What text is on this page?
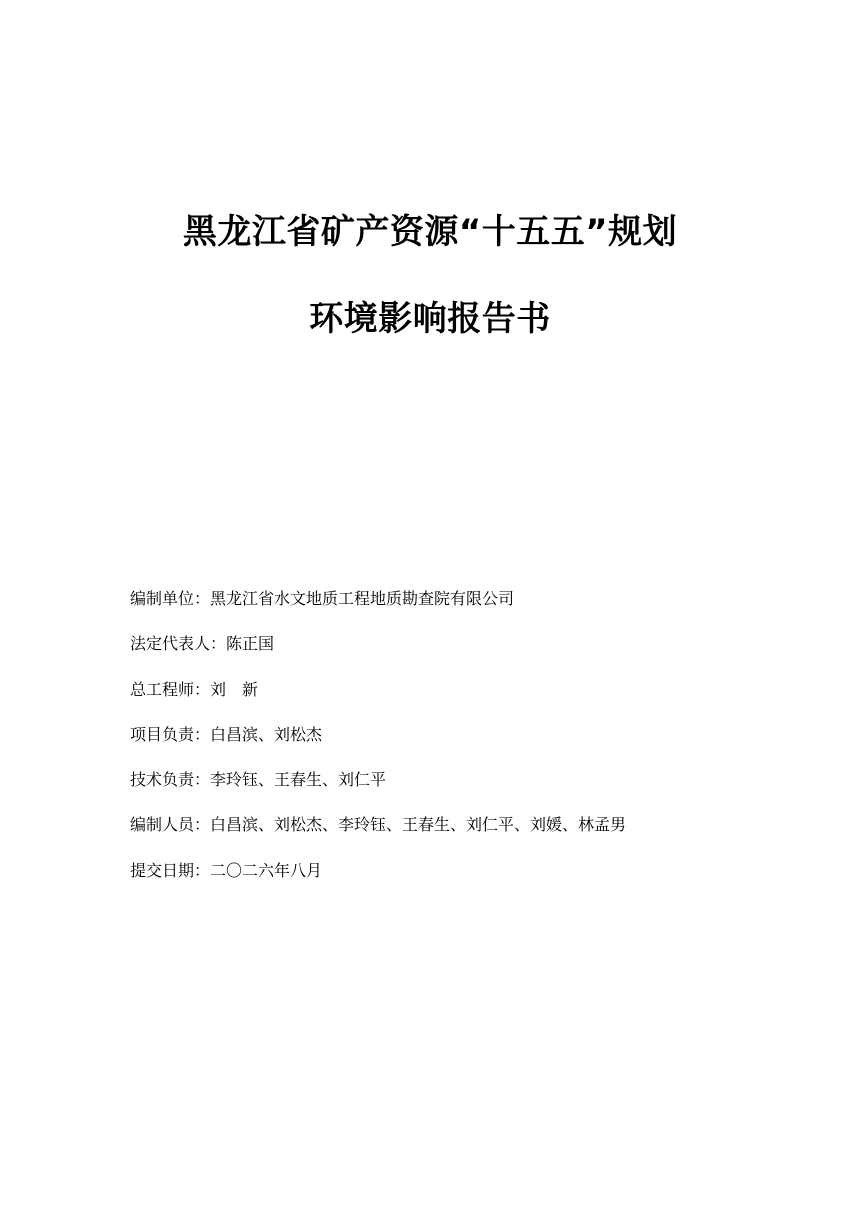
黑龙江省矿产资源“十五五”规划
环境影响报告书
编制单位：黑龙江省水文地质工程地质勘查院有限公司
法定代表人：陈正国
总工程师：刘　新
项目负责：白昌滨、刘松杰
技术负责：李玲钰、王春生、刘仁平
编制人员：白昌滨、刘松杰、李玲钰、王春生、刘仁平、刘媛、林孟男
提交日期：二〇二六年八月
